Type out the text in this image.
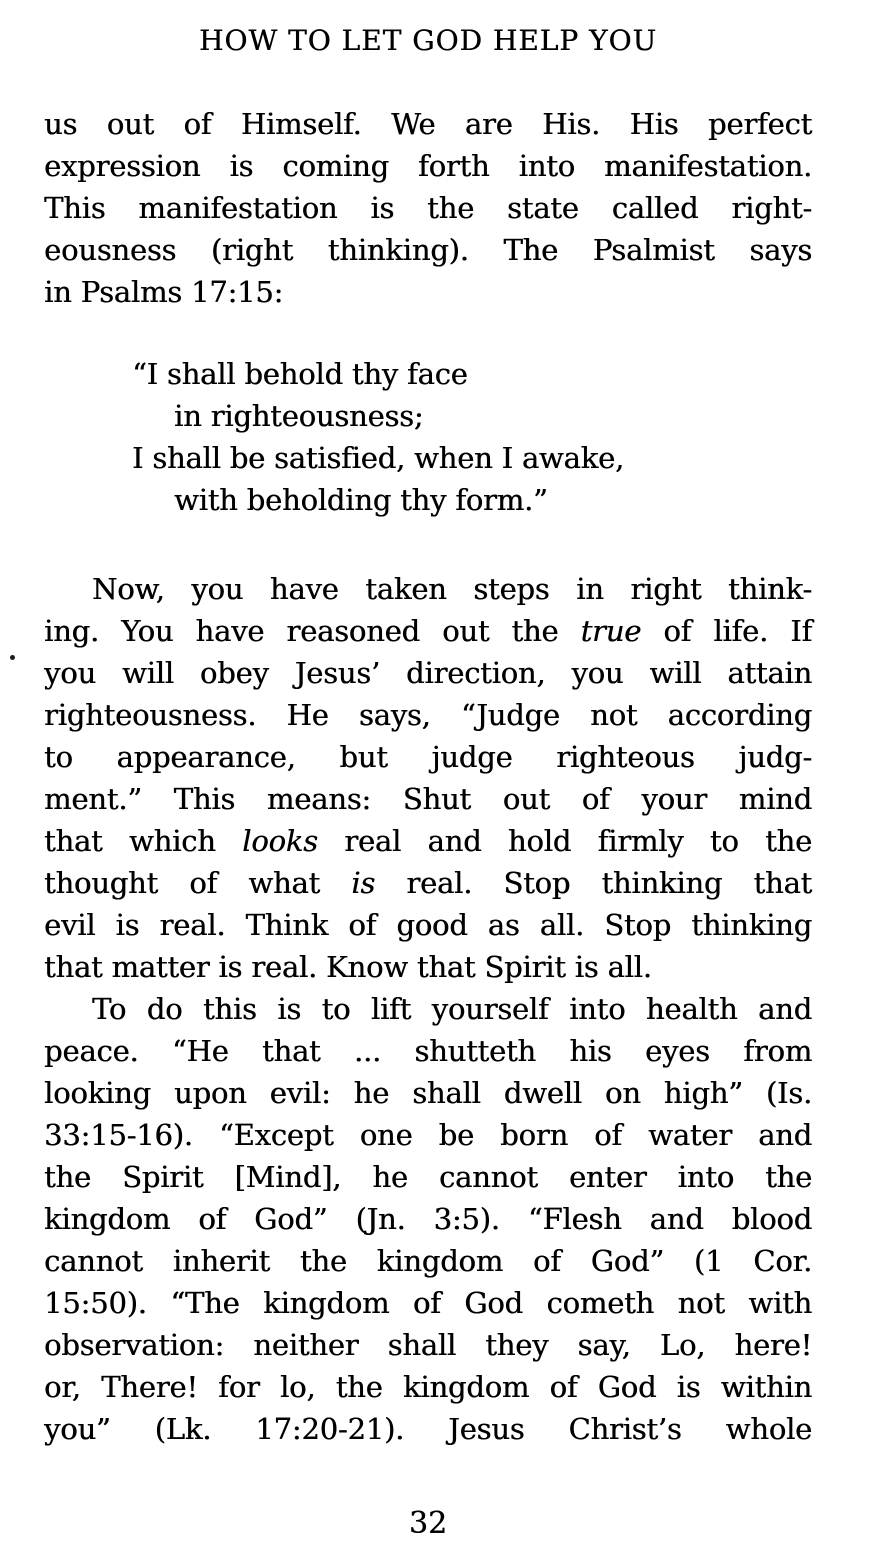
HOW TO LET GOD HELP YOU
us out of Himself. We are His. His perfect
expression is coming forth into manifestation.
This manifestation is the state called right-
eousness (right thinking). The Psalmist says
in Psalms 17:15:
“I shall behold thy face
in righteousness;
I shall be satisfied, when I awake,
with beholding thy form.”
Now, you have taken steps in right think-
ing. You have reasoned out the true of life. If
you will obey Jesus’ direction, you will attain
righteousness. He says, “Judge not according
to appearance, but judge righteous judg-
ment.” This means: Shut out of your mind
that which looks real and hold firmly to the
thought of what is real. Stop thinking that
evil is real. Think of good as all. Stop thinking
that matter is real. Know that Spirit is all.
To do this is to lift yourself into health and
peace. “He that ... shutteth his eyes from
looking upon evil: he shall dwell on high” (Is.
33:15-16). “Except one be born of water and
the Spirit [Mind], he cannot enter into the
kingdom of God” (Jn. 3:5). “Flesh and blood
cannot inherit the kingdom of God” (1 Cor.
15:50). “The kingdom of God cometh not with
observation: neither shall they say, Lo, here!
or, There! for lo, the kingdom of God is within
you” (Lk. 17:20-21). Jesus Christ’s whole
32
